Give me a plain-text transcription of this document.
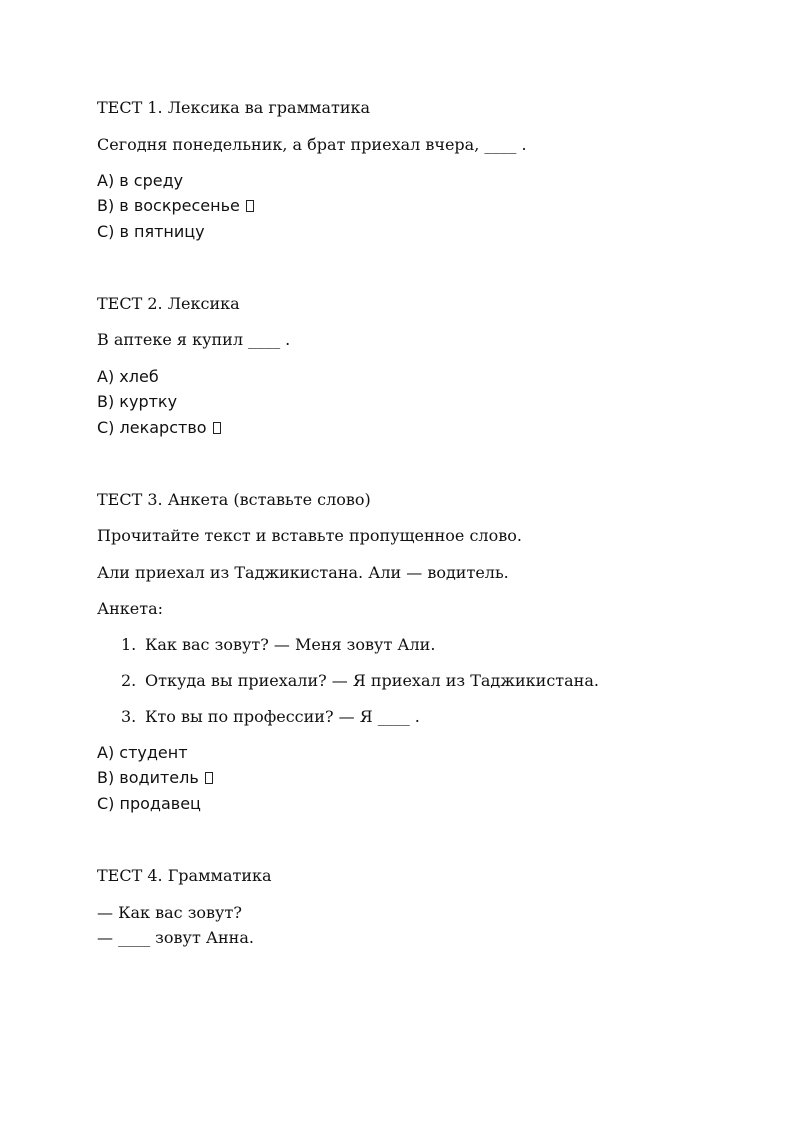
ТЕСТ 1. Лексика ва грамматика
Сегодня понедельник, а брат приехал вчера, ____ .
A) в среду
B) в воскресенье
C) в пятницу
ТЕСТ 2. Лексика
В аптеке я купил ____ .
A) хлеб
B) куртку
C) лекарство
ТЕСТ 3. Анкета (вставьте слово)
Прочитайте текст и вставьте пропущенное слово.
Али приехал из Таджикистана. Али — водитель.
Анкета:
1. Как вас зовут? — Меня зовут Али.
2. Откуда вы приехали? — Я приехал из Таджикистана.
3. Кто вы по профессии? — Я ____ .
A) студент
B) водитель
C) продавец
ТЕСТ 4. Грамматика
— Как вас зовут?
— ____ зовут Анна.
